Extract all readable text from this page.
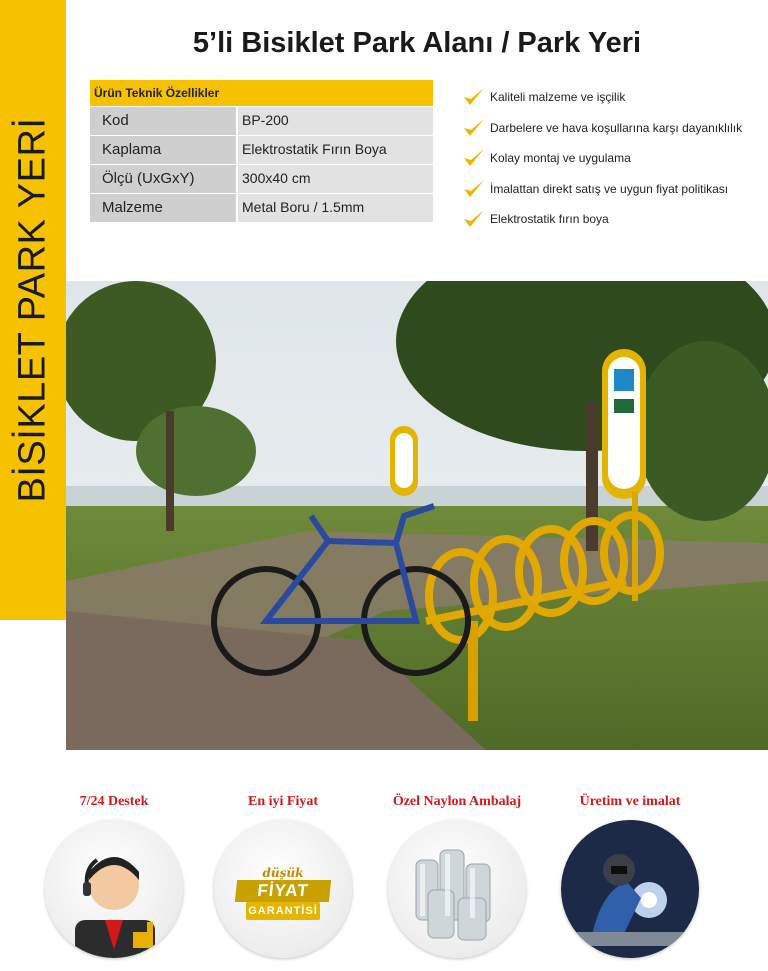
BİSİKLET PARK YERİ
5’li Bisiklet Park Alanı / Park Yeri
Ürün Teknik Özellikler
Kod	BP-200
Kaplama	Elektrostatik Fırın Boya
Ölçü (UxGxY)	300x40 cm
Malzeme	Metal Boru / 1.5mm
Kaliteli malzeme ve işçilik
Darbelere ve hava koşullarına karşı dayanıklılık
Kolay montaj ve uygulama
İmalattan direkt satış ve uygun fiyat politikası
Elektrostatik fırın boya
7/24 Destek	En iyi Fiyat
düşük
FİYAT
GARANTİSİ
Özel Naylon Ambalaj	Üretim ve imalat
